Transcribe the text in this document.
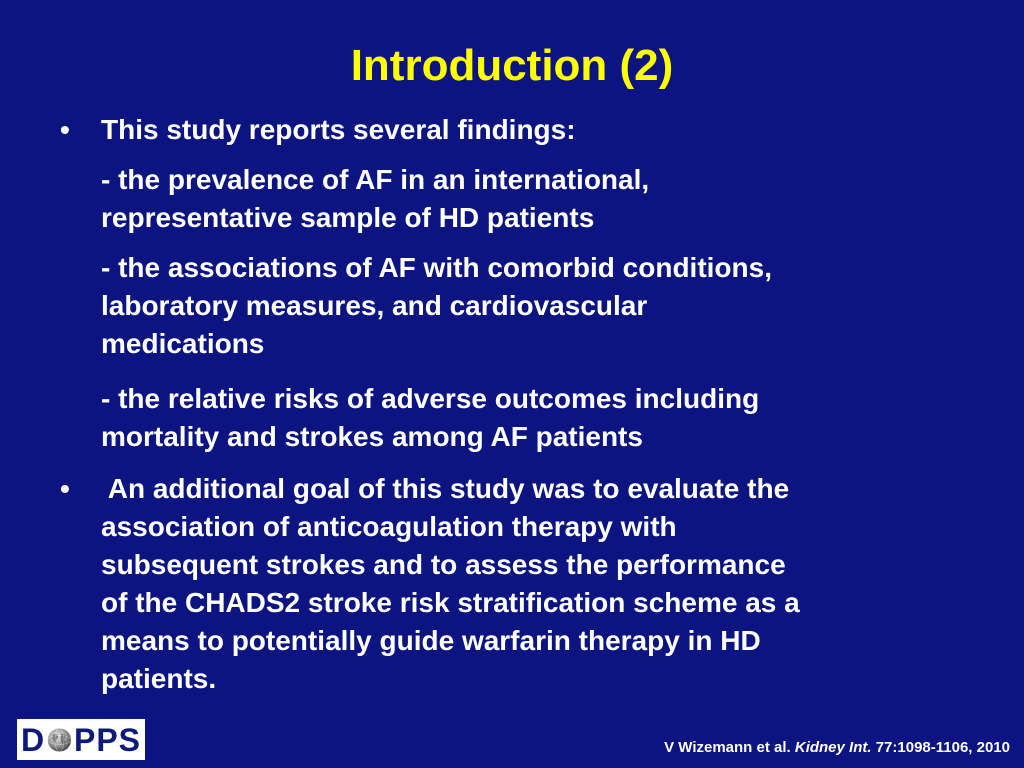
Introduction (2)
• This study reports several findings:

- the prevalence of AF in an international,

representative sample of HD patients

- the associations of AF with comorbid conditions,

laboratory measures, and cardiovascular

medications

- the relative risks of adverse outcomes including

mortality and strokes among AF patients

• An additional goal of this study was to evaluate the

association of anticoagulation therapy with

subsequent strokes and to assess the performance

of the CHADS2 stroke risk stratification scheme as a

means to potentially guide warfarin therapy in HD

patients.

D PPS	V Wizemann et al. Kidney Int. 77:1098-1106, 2010
